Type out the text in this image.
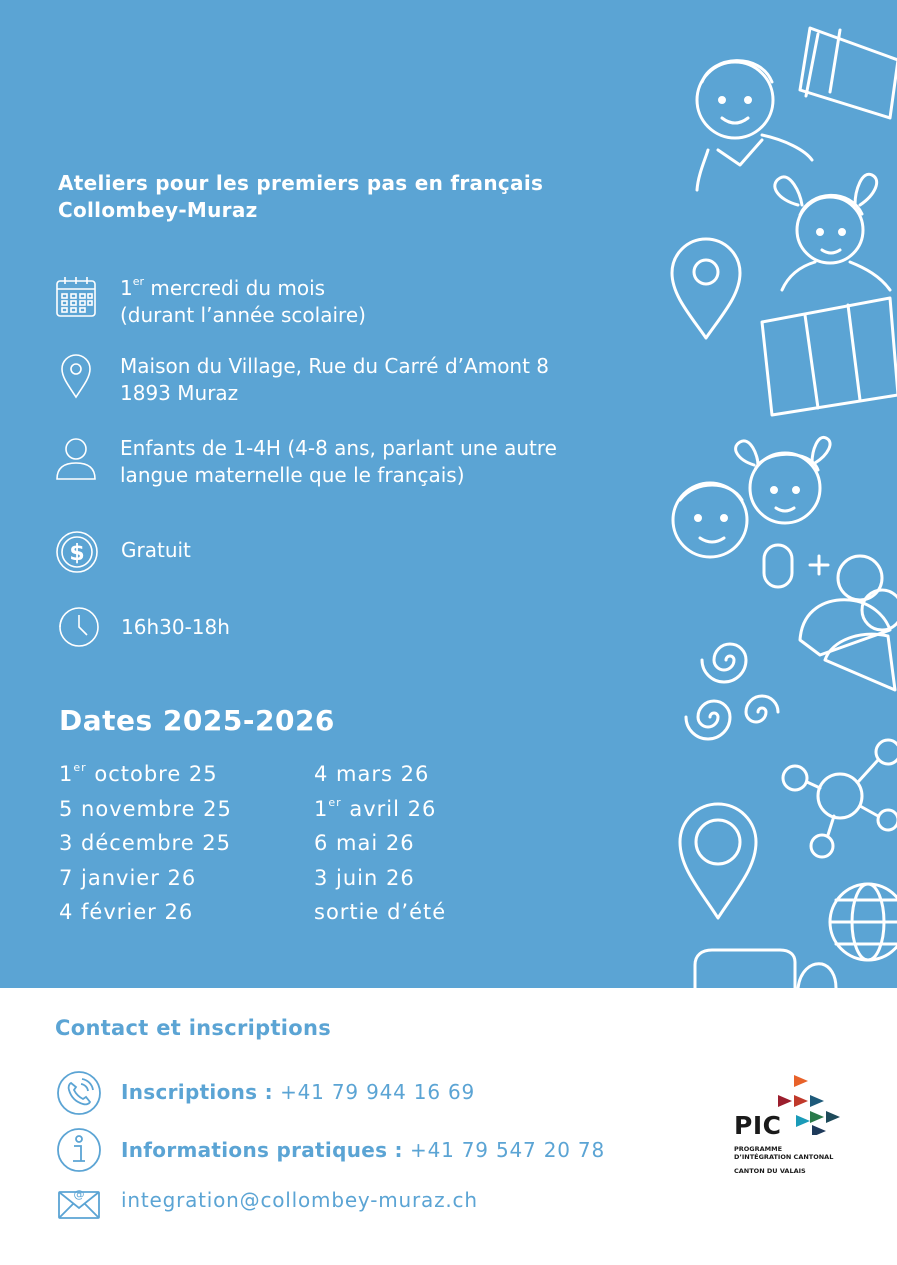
Ateliers pour les premiers pas en français
Collombey-Muraz
1er mercredi du mois
(durant l’année scolaire)
Maison du Village, Rue du Carré d’Amont 8
1893 Muraz
Enfants de 1-4H (4-8 ans, parlant une autre
langue maternelle que le français)
$ Gratuit
16h30-18h
Dates 2025-2026
1er octobre 25
5 novembre 25
3 décembre 25
7 janvier 26
4 février 26
4 mars 26
1er avril 26
6 mai 26
3 juin 26
sortie d’été
Contact et inscriptions
Inscriptions : +41 79 944 16 69
Informations pratiques : +41 79 547 20 78
@ integration@collombey-muraz.ch
PIC
PROGRAMME
D’INTÉGRATION CANTONAL
CANTON DU VALAIS
